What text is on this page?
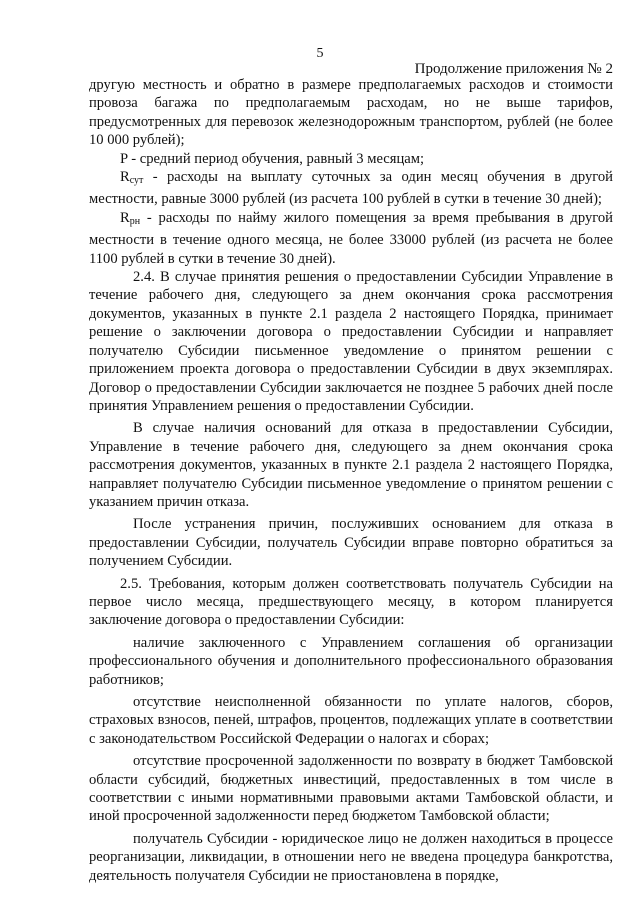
5
Продолжение приложения № 2

другую местность и обратно в размере предполагаемых расходов и стоимости провоза багажа по предполагаемым расходам, но не выше тарифов, предусмотренных для перевозок железнодорожным транспортом, рублей (не более 10 000 рублей);

P - средний период обучения, равный 3 месяцам;

Rсут - расходы на выплату суточных за один месяц обучения в другой местности, равные 3000 рублей (из расчета 100 рублей в сутки в течение 30 дней);

Rрн - расходы по найму жилого помещения за время пребывания в другой местности в течение одного месяца, не более 33000 рублей (из расчета не более 1100 рублей в сутки в течение 30 дней).

2.4. В случае принятия решения о предоставлении Субсидии Управление в течение рабочего дня, следующего за днем окончания срока рассмотрения документов, указанных в пункте 2.1 раздела 2 настоящего Порядка, принимает решение о заключении договора о предоставлении Субсидии и направляет получателю Субсидии письменное уведомление о принятом решении с приложением проекта договора о предоставлении Субсидии в двух экземплярах. Договор о предоставлении Субсидии заключается не позднее 5 рабочих дней после принятия Управлением решения о предоставлении Субсидии.

В случае наличия оснований для отказа в предоставлении Субсидии, Управление в течение рабочего дня, следующего за днем окончания срока рассмотрения документов, указанных в пункте 2.1 раздела 2 настоящего Порядка, направляет получателю Субсидии письменное уведомление о принятом решении с указанием причин отказа.

После устранения причин, послуживших основанием для отказа в предоставлении Субсидии, получатель Субсидии вправе повторно обратиться за получением Субсидии.

2.5. Требования, которым должен соответствовать получатель Субсидии на первое число месяца, предшествующего месяцу, в котором планируется заключение договора о предоставлении Субсидии:

наличие заключенного с Управлением соглашения об организации профессионального обучения и дополнительного профессионального образования работников;

отсутствие неисполненной обязанности по уплате налогов, сборов, страховых взносов, пеней, штрафов, процентов, подлежащих уплате в соответствии с законодательством Российской Федерации о налогах и сборах;

отсутствие просроченной задолженности по возврату в бюджет Тамбовской области субсидий, бюджетных инвестиций, предоставленных в том числе в соответствии с иными нормативными правовыми актами Тамбовской области, и иной просроченной задолженности перед бюджетом Тамбовской области;

получатель Субсидии - юридическое лицо не должен находиться в процессе реорганизации, ликвидации, в отношении него не введена процедура банкротства, деятельность получателя Субсидии не приостановлена в порядке,
